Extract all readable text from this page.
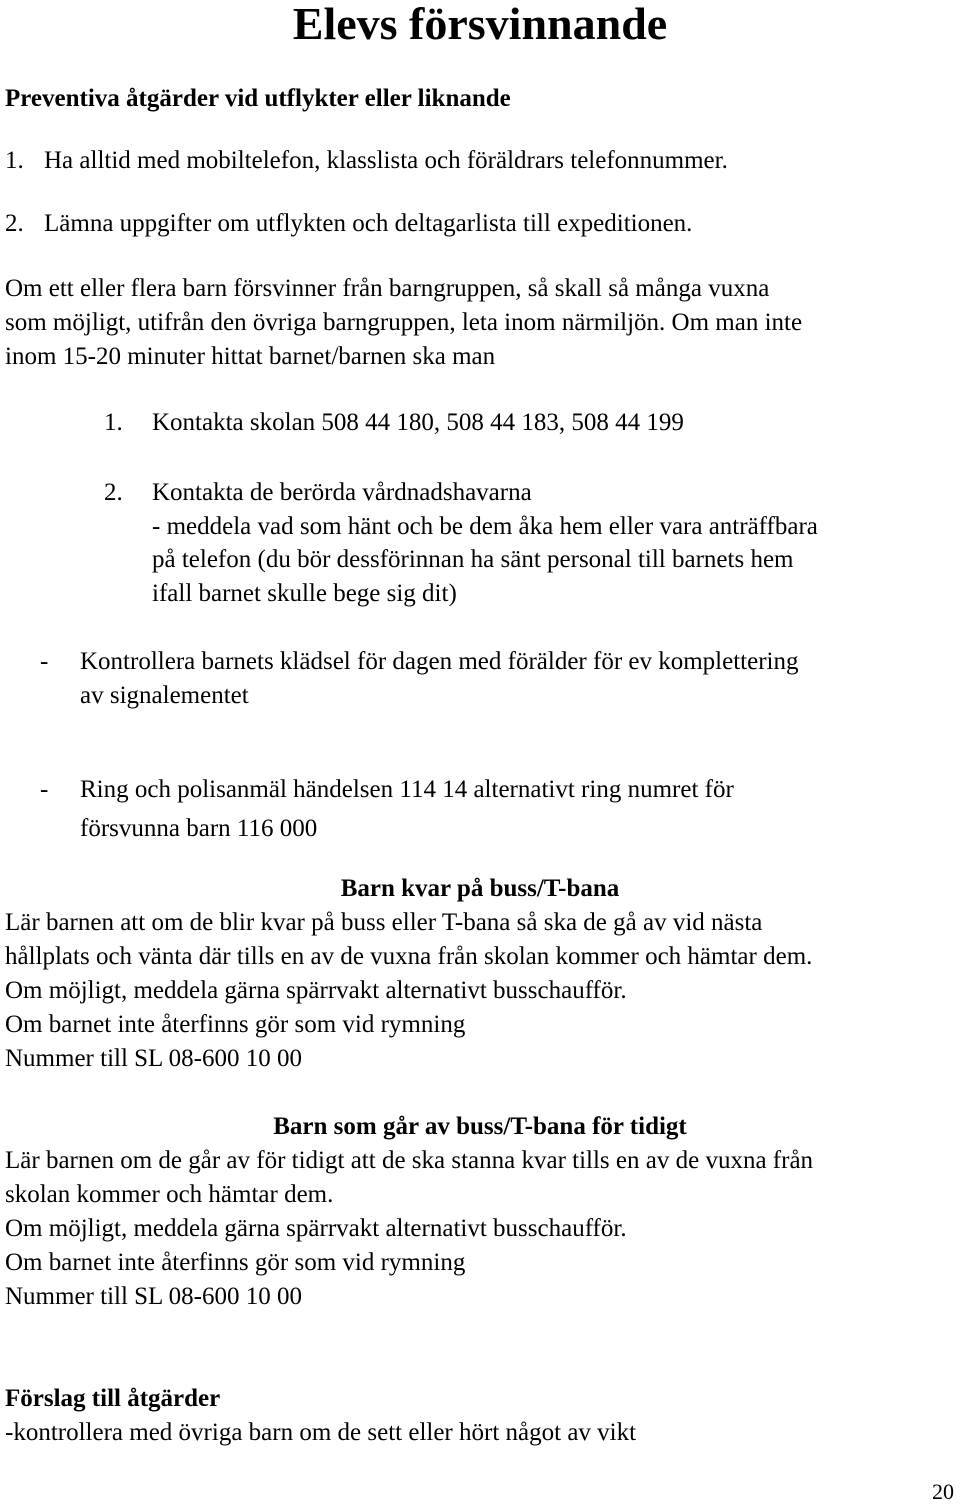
Elevs försvinnande
Preventiva åtgärder vid utflykter eller liknande
1. Ha alltid med mobiltelefon, klasslista och föräldrars telefonnummer.
2. Lämna uppgifter om utflykten och deltagarlista till expeditionen.
Om ett eller flera barn försvinner från barngruppen, så skall så många vuxna
som möjligt, utifrån den övriga barngruppen, leta inom närmiljön. Om man inte
inom 15-20 minuter hittat barnet/barnen ska man
1. Kontakta skolan 508 44 180, 508 44 183, 508 44 199
2. Kontakta de berörda vårdnadshavarna
- meddela vad som hänt och be dem åka hem eller vara anträffbara
på telefon (du bör dessförinnan ha sänt personal till barnets hem
ifall barnet skulle bege sig dit)
- Kontrollera barnets klädsel för dagen med förälder för ev komplettering
av signalementet
- Ring och polisanmäl händelsen 114 14 alternativt ring numret för
försvunna barn 116 000
Barn kvar på buss/T-bana
Lär barnen att om de blir kvar på buss eller T-bana så ska de gå av vid nästa
hållplats och vänta där tills en av de vuxna från skolan kommer och hämtar dem.
Om möjligt, meddela gärna spärrvakt alternativt busschaufför.
Om barnet inte återfinns gör som vid rymning
Nummer till SL 08-600 10 00
Barn som går av buss/T-bana för tidigt
Lär barnen om de går av för tidigt att de ska stanna kvar tills en av de vuxna från
skolan kommer och hämtar dem.
Om möjligt, meddela gärna spärrvakt alternativt busschaufför.
Om barnet inte återfinns gör som vid rymning
Nummer till SL 08-600 10 00
Förslag till åtgärder
-kontrollera med övriga barn om de sett eller hört något av vikt
20
